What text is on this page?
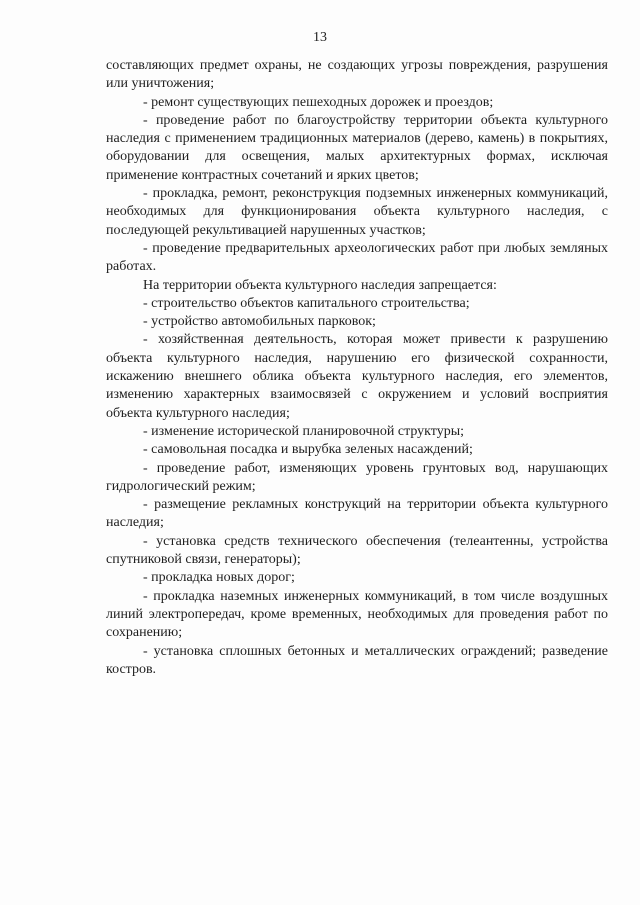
13

составляющих предмет охраны, не создающих угрозы повреждения, разрушения или уничтожения;

- ремонт существующих пешеходных дорожек и проездов;

- проведение работ по благоустройству территории объекта культурного наследия с применением традиционных материалов (дерево, камень) в покрытиях, оборудовании для освещения, малых архитектурных формах, исключая применение контрастных сочетаний и ярких цветов;

- прокладка, ремонт, реконструкция подземных инженерных коммуникаций, необходимых для функционирования объекта культурного наследия, с последующей рекультивацией нарушенных участков;

- проведение предварительных археологических работ при любых земляных работах.

На территории объекта культурного наследия запрещается:

- строительство объектов капитального строительства;

- устройство автомобильных парковок;

- хозяйственная деятельность, которая может привести к разрушению объекта культурного наследия, нарушению его физической сохранности, искажению внешнего облика объекта культурного наследия, его элементов, изменению характерных взаимосвязей с окружением и условий восприятия объекта культурного наследия;

- изменение исторической планировочной структуры;

- самовольная посадка и вырубка зеленых насаждений;

- проведение работ, изменяющих уровень грунтовых вод, нарушающих гидрологический режим;

- размещение рекламных конструкций на территории объекта культурного наследия;

- установка средств технического обеспечения (телеантенны, устройства спутниковой связи, генераторы);

- прокладка новых дорог;

- прокладка наземных инженерных коммуникаций, в том числе воздушных линий электропередач, кроме временных, необходимых для проведения работ по сохранению;

- установка сплошных бетонных и металлических ограждений; разведение костров.
